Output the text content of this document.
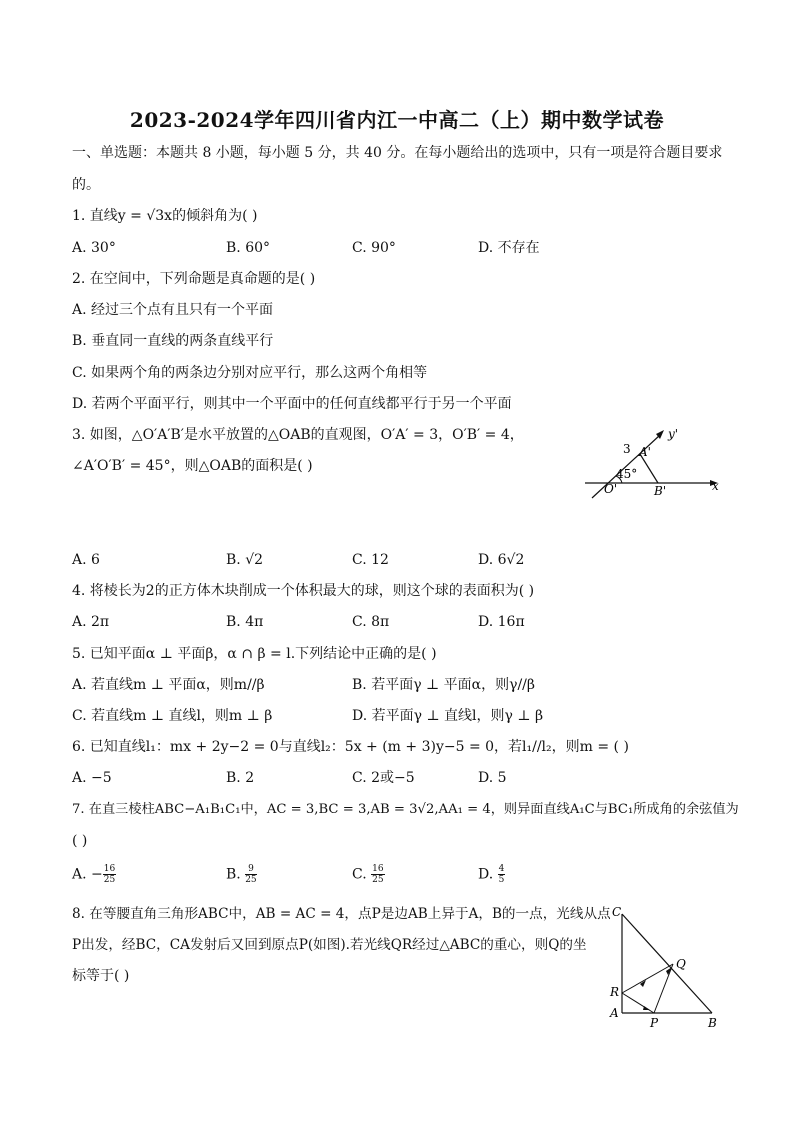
2023-2024学年四川省内江一中高二（上）期中数学试卷
一、单选题：本题共 8 小题，每小题 5 分，共 40 分。在每小题给出的选项中，只有一项是符合题目要求
的。
1. 直线y = √3x的倾斜角为( )
A. 30°	B. 60°	C. 90°	D. 不存在
2. 在空间中，下列命题是真命题的是( )
A. 经过三个点有且只有一个平面
B. 垂直同一直线的两条直线平行
C. 如果两个角的两条边分别对应平行，那么这两个角相等
D. 若两个平面平行，则其中一个平面中的任何直线都平行于另一个平面
3. 如图，△O′A′B′是水平放置的△OAB的直观图，O′A′ = 3，O′B′ = 4，
∠A′O′B′ = 45°，则△OAB的面积是( )
y'
x
O'	B'
A'
3
45°
A. 6	B. √2	C. 12	D. 6√2
4. 将棱长为2的正方体木块削成一个体积最大的球，则这个球的表面积为( )
A. 2π	B. 4π	C. 8π	D. 16π
5. 已知平面α ⊥ 平面β，α ∩ β = l.下列结论中正确的是( )
A. 若直线m ⊥ 平面α，则m//β	B. 若平面γ ⊥ 平面α，则γ//β
C. 若直线m ⊥ 直线l，则m ⊥ β	D. 若平面γ ⊥ 直线l，则γ ⊥ β
6. 已知直线l₁：mx + 2y−2 = 0与直线l₂：5x + (m + 3)y−5 = 0，若l₁//l₂，则m = ( )
A. −5	B. 2	C. 2或−5	D. 5
7. 在直三棱柱ABC−A₁B₁C₁中，AC = 3,BC = 3,AB = 3√2,AA₁ = 4，则异面直线A₁C与BC₁所成角的余弦值为
( )
A. − $\frac{16}{25}$	B. $\frac{9}{25}$	C. $\frac{16}{25}$	D. $\frac{4}{5}$
8. 在等腰直角三角形ABC中，AB = AC = 4，点P是边AB上异于A，B的一点，光线从点
P出发，经BC，CA发射后又回到原点P(如图).若光线QR经过△ABC的重心，则Q的坐
标等于( )
C
Q
R
A
P	B
